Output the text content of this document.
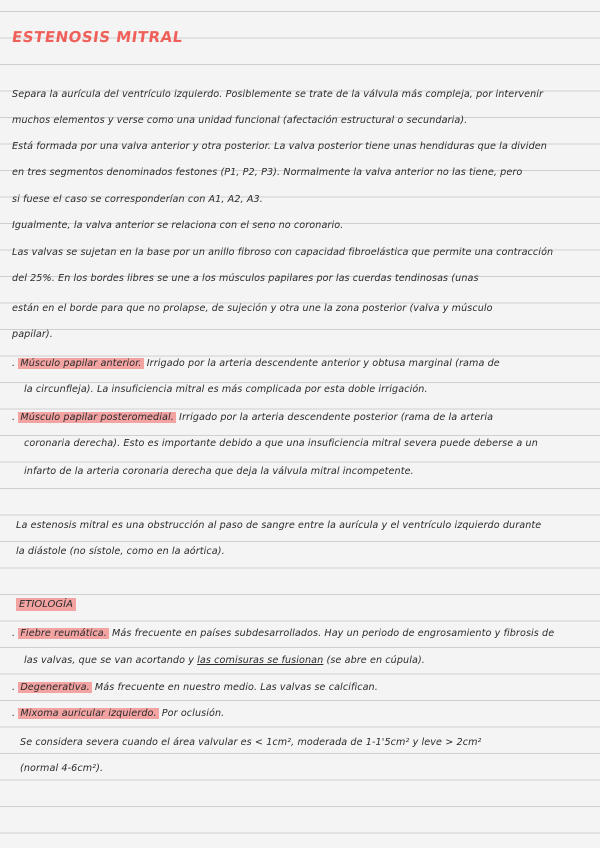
ESTENOSIS MITRAL
Separa la aurícula del ventrículo izquierdo. Posiblemente se trate de la válvula más compleja, por intervenir
muchos elementos y verse como una unidad funcional (afectación estructural o secundaria).
Está formada por una valva anterior y otra posterior. La valva posterior tiene unas hendiduras que la dividen
en tres segmentos denominados festones (P1, P2, P3). Normalmente la valva anterior no las tiene, pero
si fuese el caso se corresponderían con A1, A2, A3.
Igualmente, la valva anterior se relaciona con el seno no coronario.
Las valvas se sujetan en la base por un anillo fibroso con capacidad fibroelástica que permite una contracción
del 25%. En los bordes libres se une a los músculos papilares por las cuerdas tendinosas (unas
están en el borde para que no prolapse, de sujeción y otra une la zona posterior (valva y músculo
papilar).
. Músculo papilar anterior. Irrigado por la arteria descendente anterior y obtusa marginal (rama de
la circunfleja). La insuficiencia mitral es más complicada por esta doble irrigación.
. Músculo papilar posteromedial. Irrigado por la arteria descendente posterior (rama de la arteria
coronaria derecha). Esto es importante debido a que una insuficiencia mitral severa puede deberse a un
infarto de la arteria coronaria derecha que deja la válvula mitral incompetente.
La estenosis mitral es una obstrucción al paso de sangre entre la aurícula y el ventrículo izquierdo durante
la diástole (no sístole, como en la aórtica).
ETIOLOGÍA
. Fiebre reumática. Más frecuente en países subdesarrollados. Hay un periodo de engrosamiento y fibrosis de
las valvas, que se van acortando y las comisuras se fusionan (se abre en cúpula).
. Degenerativa. Más frecuente en nuestro medio. Las valvas se calcifican.
. Mixoma auricular izquierdo. Por oclusión.
Se considera severa cuando el área valvular es < 1cm², moderada de 1-1'5cm² y leve > 2cm²
(normal 4-6cm²).
